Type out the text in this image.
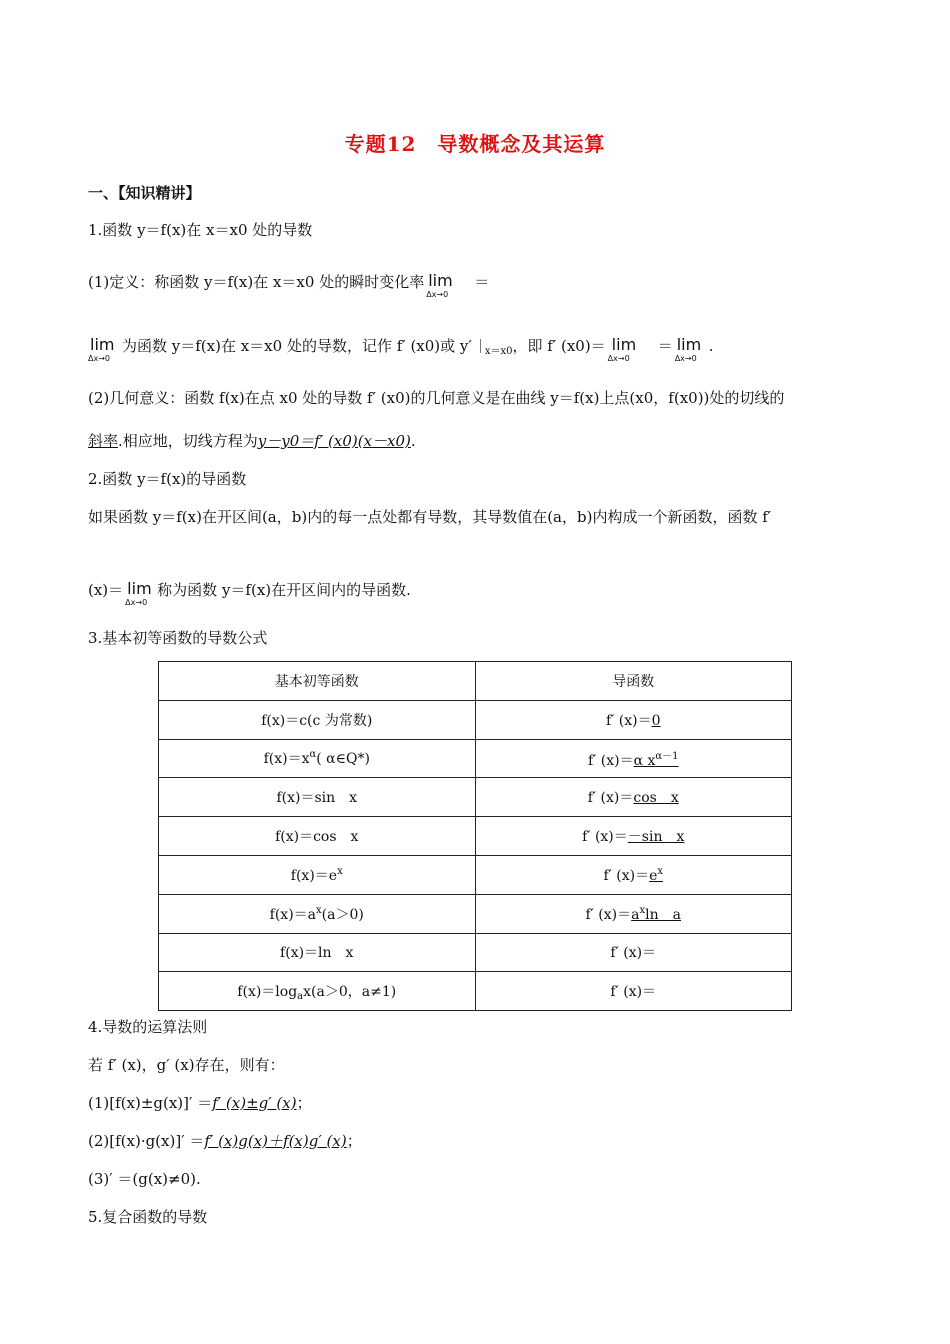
专题12　导数概念及其运算
一、【知识精讲】
1.函数 y＝f(x)在 x＝x0 处的导数
(1)定义：称函数 y＝f(x)在 x＝x0 处的瞬时变化率 lim
Δx→0
＝
lim
Δx→0
为函数 y＝f(x)在 x＝x0 处的导数，记作 f′ (x0)或 y′ $_{x=x0}$，即 f′ (x0)＝ lim
Δx→0
＝ lim
Δx→0
.
(2)几何意义：函数 f(x)在点 x0 处的导数 f′ (x0)的几何意义是在曲线 y＝f(x)上点(x0，f(x0))处的切线的
斜率.相应地，切线方程为y－y0＝f′ (x0)(x－x0).
2.函数 y＝f(x)的导函数
如果函数 y＝f(x)在开区间(a，b)内的每一点处都有导数，其导数值在(a，b)内构成一个新函数，函数 f′
(x)＝ lim
Δx→0
称为函数 y＝f(x)在开区间内的导函数.
3.基本初等函数的导数公式
基本初等函数	导函数
f(x)＝c(c 为常数)	f′ (x)＝0
$f(x)=x^\alpha$( α∈Q*)	f′ (x)＝α $x^{\alpha-1}$
f(x)＝sin　x	f′ (x)＝cos　x
f(x)＝cos　x	f′ (x)＝－sin　x
$f(x)=e^x$	f′ $(x)=e^x$
$f(x)=a^x(a>0)$	f′ $(x)=a^x\ln$　a
f(x)＝ln　x	f′ (x)＝
$f(x)=\log_ax(a>0$，a≠1)	f′ (x)＝
4.导数的运算法则
若 f′ (x)，g′ (x)存在，则有：
(1)[f(x)±g(x)]′ ＝f′ (x)±g′ (x)；
(2)[f(x)·g(x)]′ ＝f′ (x)g(x)＋f(x)g′ (x)；
(3)′ ＝(g(x)≠0).
5.复合函数的导数
